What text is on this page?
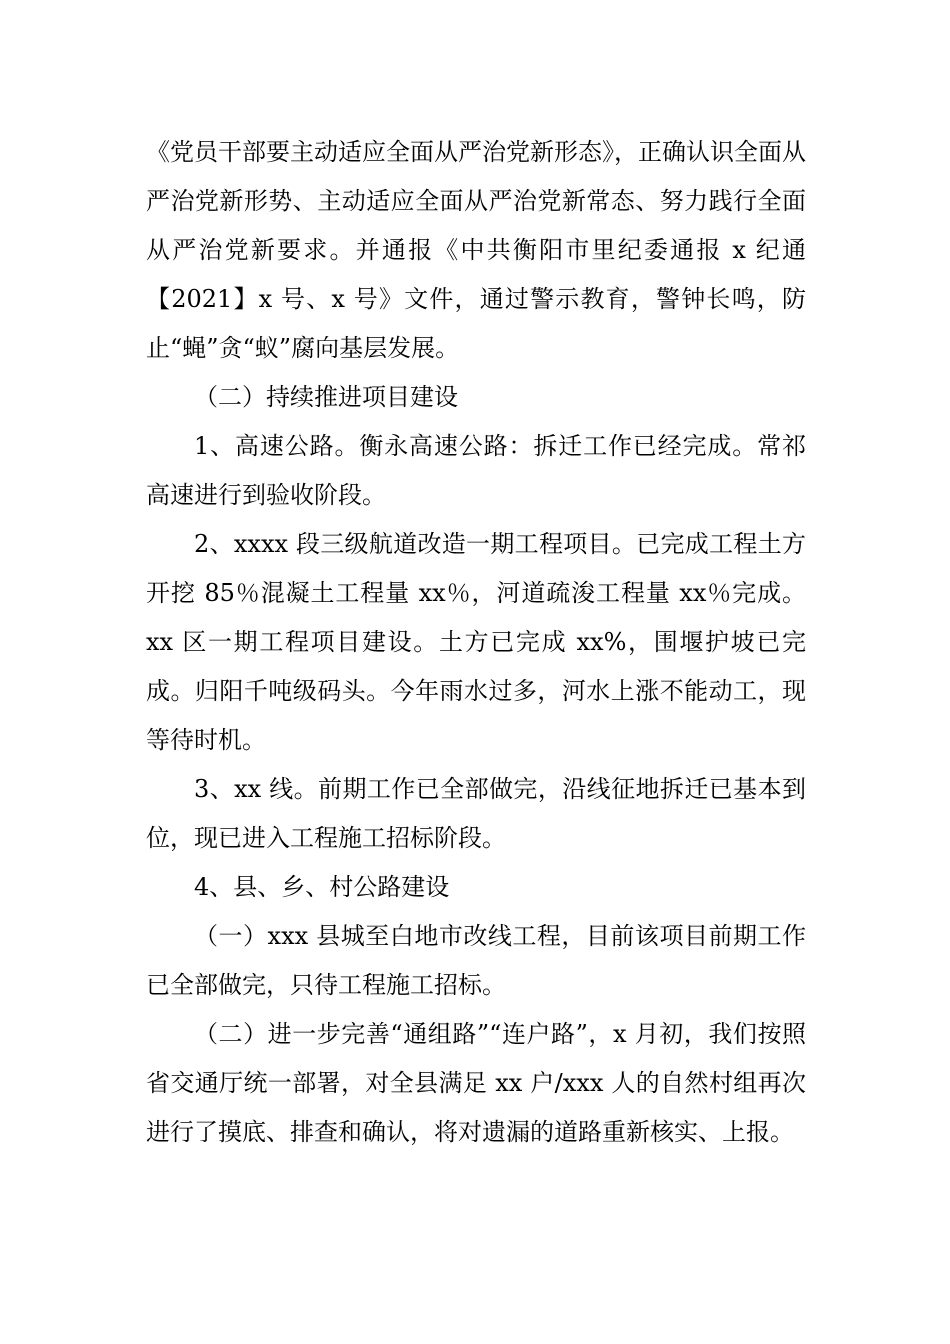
《党员干部要主动适应全面从严治党新形态》，正确认识全面从严治党新形势、主动适应全面从严治党新常态、努力践行全面从严治党新要求。并通报《中共衡阳市里纪委通报 x 纪通【2021】x 号、x 号》文件，通过警示教育，警钟长鸣，防止“蝇”贪“蚁”腐向基层发展。

（二）持续推进项目建设

1、高速公路。衡永高速公路：拆迁工作已经完成。常祁高速进行到验收阶段。

2、xxxx 段三级航道改造一期工程项目。已完成工程土方开挖 85％混凝土工程量 xx％，河道疏浚工程量 xx％完成。xx 区一期工程项目建设。土方已完成 xx%，围堰护坡已完成。归阳千吨级码头。今年雨水过多，河水上涨不能动工，现等待时机。

3、xx 线。前期工作已全部做完，沿线征地拆迁已基本到位，现已进入工程施工招标阶段。

4、县、乡、村公路建设

（一）xxx 县城至白地市改线工程，目前该项目前期工作已全部做完，只待工程施工招标。

（二）进一步完善“通组路”“连户路”，x 月初，我们按照省交通厅统一部署，对全县满足 xx 户/xxx 人的自然村组再次进行了摸底、排查和确认，将对遗漏的道路重新核实、上报。
